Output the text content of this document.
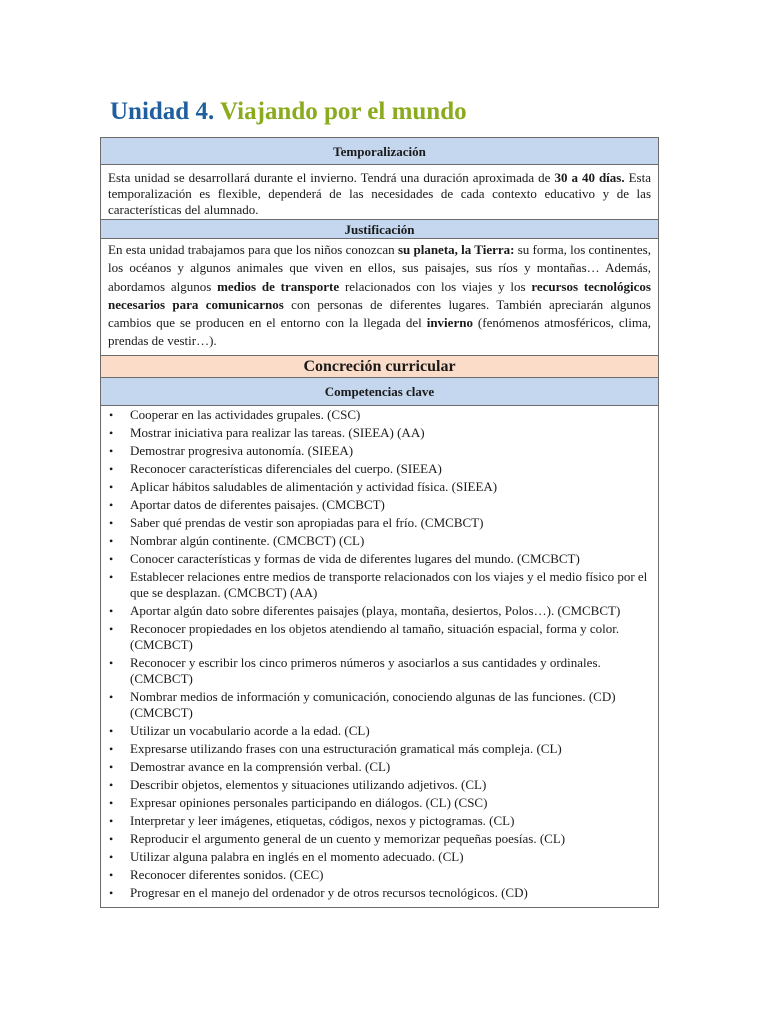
Unidad 4. Viajando por el mundo
Temporalización
Esta unidad se desarrollará durante el invierno. Tendrá una duración aproximada de 30 a 40 días. Esta temporalización es flexible, dependerá de las necesidades de cada contexto educativo y de las características del alumnado.
Justificación
En esta unidad trabajamos para que los niños conozcan su planeta, la Tierra: su forma, los continentes, los océanos y algunos animales que viven en ellos, sus paisajes, sus ríos y montañas… Además, abordamos algunos medios de transporte relacionados con los viajes y los recursos tecnológicos necesarios para comunicarnos con personas de diferentes lugares. También apreciarán algunos cambios que se producen en el entorno con la llegada del invierno (fenómenos atmosféricos, clima, prendas de vestir…).
Concreción curricular
Competencias clave
• Cooperar en las actividades grupales. (CSC)
• Mostrar iniciativa para realizar las tareas. (SIEEA) (AA)
• Demostrar progresiva autonomía. (SIEEA)
• Reconocer características diferenciales del cuerpo. (SIEEA)
• Aplicar hábitos saludables de alimentación y actividad física. (SIEEA)
• Aportar datos de diferentes paisajes. (CMCBCT)
• Saber qué prendas de vestir son apropiadas para el frío. (CMCBCT)
• Nombrar algún continente. (CMCBCT) (CL)
• Conocer características y formas de vida de diferentes lugares del mundo. (CMCBCT)
• Establecer relaciones entre medios de transporte relacionados con los viajes y el medio físico por el que se desplazan. (CMCBCT) (AA)
• Aportar algún dato sobre diferentes paisajes (playa, montaña, desiertos, Polos…). (CMCBCT)
• Reconocer propiedades en los objetos atendiendo al tamaño, situación espacial, forma y color. (CMCBCT)
• Reconocer y escribir los cinco primeros números y asociarlos a sus cantidades y ordinales. (CMCBCT)
• Nombrar medios de información y comunicación, conociendo algunas de las funciones. (CD) (CMCBCT)
• Utilizar un vocabulario acorde a la edad. (CL)
• Expresarse utilizando frases con una estructuración gramatical más compleja. (CL)
• Demostrar avance en la comprensión verbal. (CL)
• Describir objetos, elementos y situaciones utilizando adjetivos. (CL)
• Expresar opiniones personales participando en diálogos. (CL) (CSC)
• Interpretar y leer imágenes, etiquetas, códigos, nexos y pictogramas. (CL)
• Reproducir el argumento general de un cuento y memorizar pequeñas poesías. (CL)
• Utilizar alguna palabra en inglés en el momento adecuado. (CL)
• Reconocer diferentes sonidos. (CEC)
• Progresar en el manejo del ordenador y de otros recursos tecnológicos. (CD)
